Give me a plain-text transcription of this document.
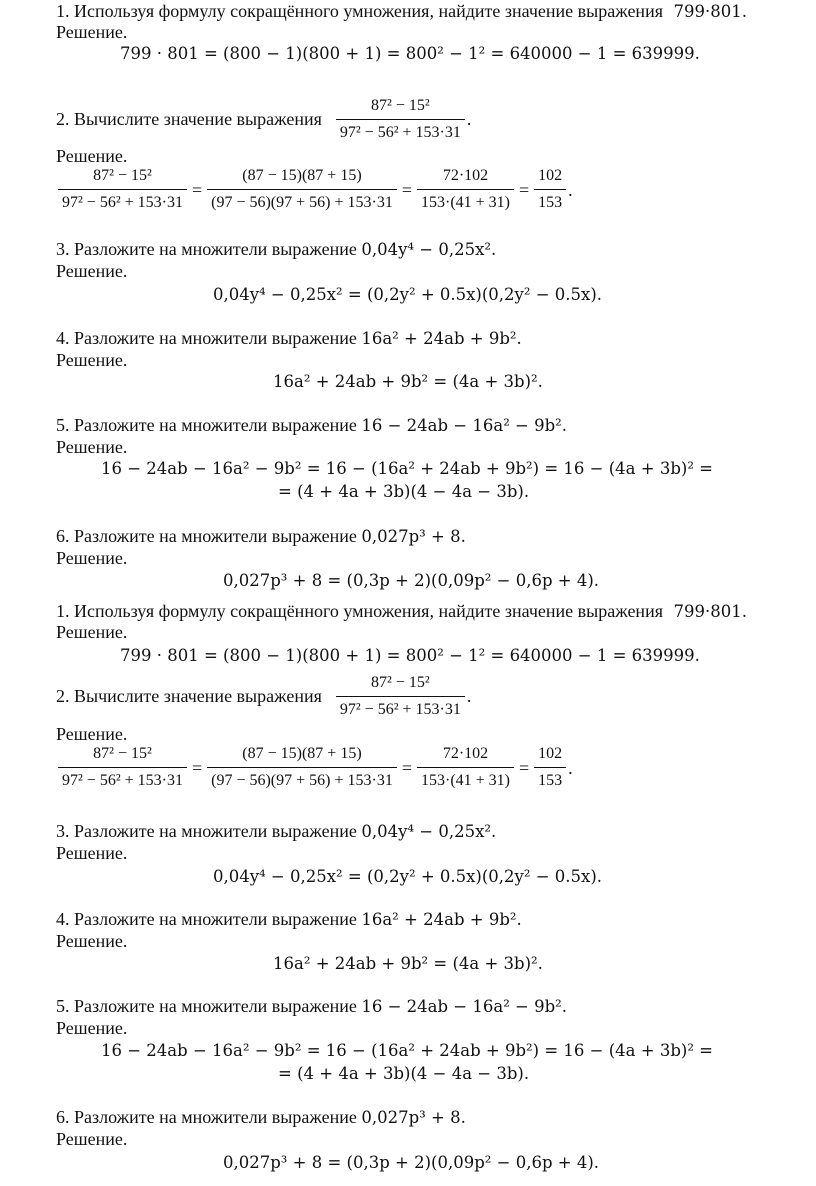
1. Используя формулу сокращённого умножения, найдите значение выражения 799·801.
Решение.
799 · 801 = (800 − 1)(800 + 1) = 800² − 1² = 640000 − 1 = 639999.
2. Вычислите значение выражения $\frac{\text{87² − 15²}}{\text{97² − 56² + 153·31}}$ .
Решение.
$\frac{\text{87² − 15²}}{\text{97² − 56² + 153·31}} = \frac{(87 - 15)(87 + 15)}{(97 - 56)(97 + 56) + 153\cdot 31} = \frac{72\cdot 102}{153\cdot(41 + 31)} = \frac{102}{153}$ .
3. Разложите на множители выражение 0,04y⁴ − 0,25x².
Решение.
0,04y⁴ − 0,25x² = (0,2y² + 0.5x)(0,2y² − 0.5x).
4. Разложите на множители выражение 16a² + 24ab + 9b².
Решение.
16a² + 24ab + 9b² = (4a + 3b)².
5. Разложите на множители выражение 16 − 24ab − 16a² − 9b².
Решение.
16 − 24ab − 16a² − 9b² = 16 − (16a² + 24ab + 9b²) = 16 − (4a + 3b)² =
= (4 + 4a + 3b)(4 − 4a − 3b).
6. Разложите на множители выражение 0,027p³ + 8.
Решение.
0,027p³ + 8 = (0,3p + 2)(0,09p² − 0,6p + 4).
1. Используя формулу сокращённого умножения, найдите значение выражения 799·801.
Решение.
799 · 801 = (800 − 1)(800 + 1) = 800² − 1² = 640000 − 1 = 639999.
2. Вычислите значение выражения $\frac{\text{87² − 15²}}{\text{97² − 56² + 153·31}}$ .
Решение.
$\frac{\text{87² − 15²}}{\text{97² − 56² + 153·31}} = \frac{(87 - 15)(87 + 15)}{(97 - 56)(97 + 56) + 153\cdot 31} = \frac{72\cdot 102}{153\cdot(41 + 31)} = \frac{102}{153}$ .
3. Разложите на множители выражение 0,04y⁴ − 0,25x².
Решение.
0,04y⁴ − 0,25x² = (0,2y² + 0.5x)(0,2y² − 0.5x).
4. Разложите на множители выражение 16a² + 24ab + 9b².
Решение.
16a² + 24ab + 9b² = (4a + 3b)².
5. Разложите на множители выражение 16 − 24ab − 16a² − 9b².
Решение.
16 − 24ab − 16a² − 9b² = 16 − (16a² + 24ab + 9b²) = 16 − (4a + 3b)² =
= (4 + 4a + 3b)(4 − 4a − 3b).
6. Разложите на множители выражение 0,027p³ + 8.
Решение.
0,027p³ + 8 = (0,3p + 2)(0,09p² − 0,6p + 4).
